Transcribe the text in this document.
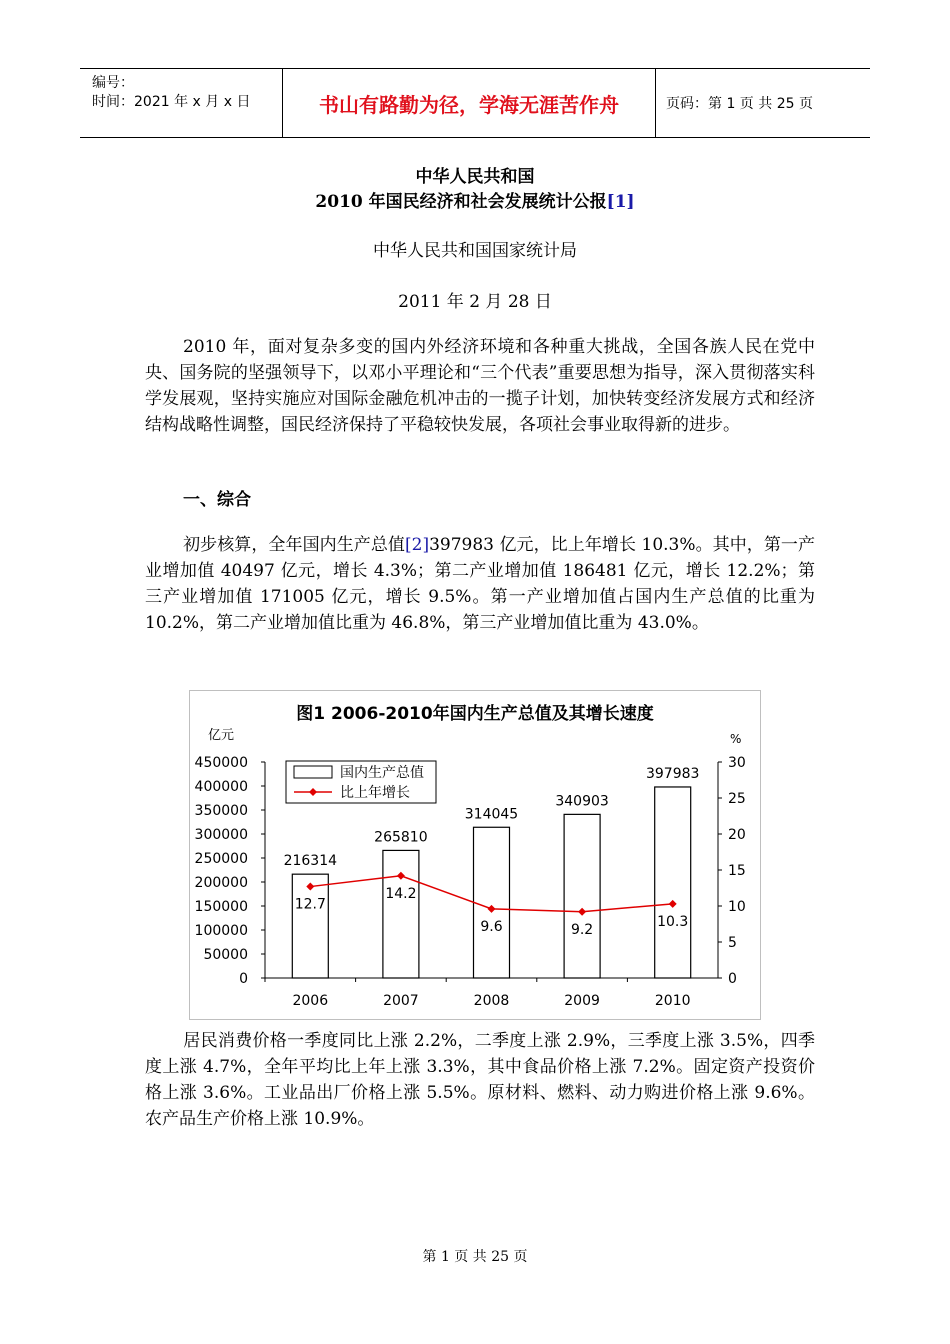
编号：
时间：2021 年 x 月 x 日	书山有路勤为径，学海无涯苦作舟	页码：第 1 页 共 25 页
中华人民共和国
2010 年国民经济和社会发展统计公报[1]
中华人民共和国国家统计局
2011 年 2 月 28 日
2010 年，面对复杂多变的国内外经济环境和各种重大挑战，全国各族人民在党中央、国务院的坚强领导下，以邓小平理论和“三个代表”重要思想为指导，深入贯彻落实科学发展观，坚持实施应对国际金融危机冲击的一揽子计划，加快转变经济发展方式和经济结构战略性调整，国民经济保持了平稳较快发展，各项社会事业取得新的进步。
一、综合
初步核算，全年国内生产总值[2]397983 亿元，比上年增长 10.3%。其中，第一产业增加值 40497 亿元，增长 4.3%；第二产业增加值 186481 亿元，增长 12.2%；第三产业增加值 171005 亿元，增长 9.5%。第一产业增加值占国内生产总值的比重为 10.2%，第二产业增加值比重为 46.8%，第三产业增加值比重为 43.0%。
图1 2006-2010年国内生产总值及其增长速度
亿元	%
450000
400000
350000
300000
250000
200000
150000
100000
50000
0
30
25
20
15
10
5
0
2006
216314
2007
265810
2008
314045
2009
340903
2010
397983
12.7
14.2
9.6	9.2	10.3
国内生产总值
比上年增长
居民消费价格一季度同比上涨 2.2%，二季度上涨 2.9%，三季度上涨 3.5%，四季度上涨 4.7%，全年平均比上年上涨 3.3%，其中食品价格上涨 7.2%。固定资产投资价格上涨 3.6%。工业品出厂价格上涨 5.5%。原材料、燃料、动力购进价格上涨 9.6%。农产品生产价格上涨 10.9%。
第 1 页 共 25 页
